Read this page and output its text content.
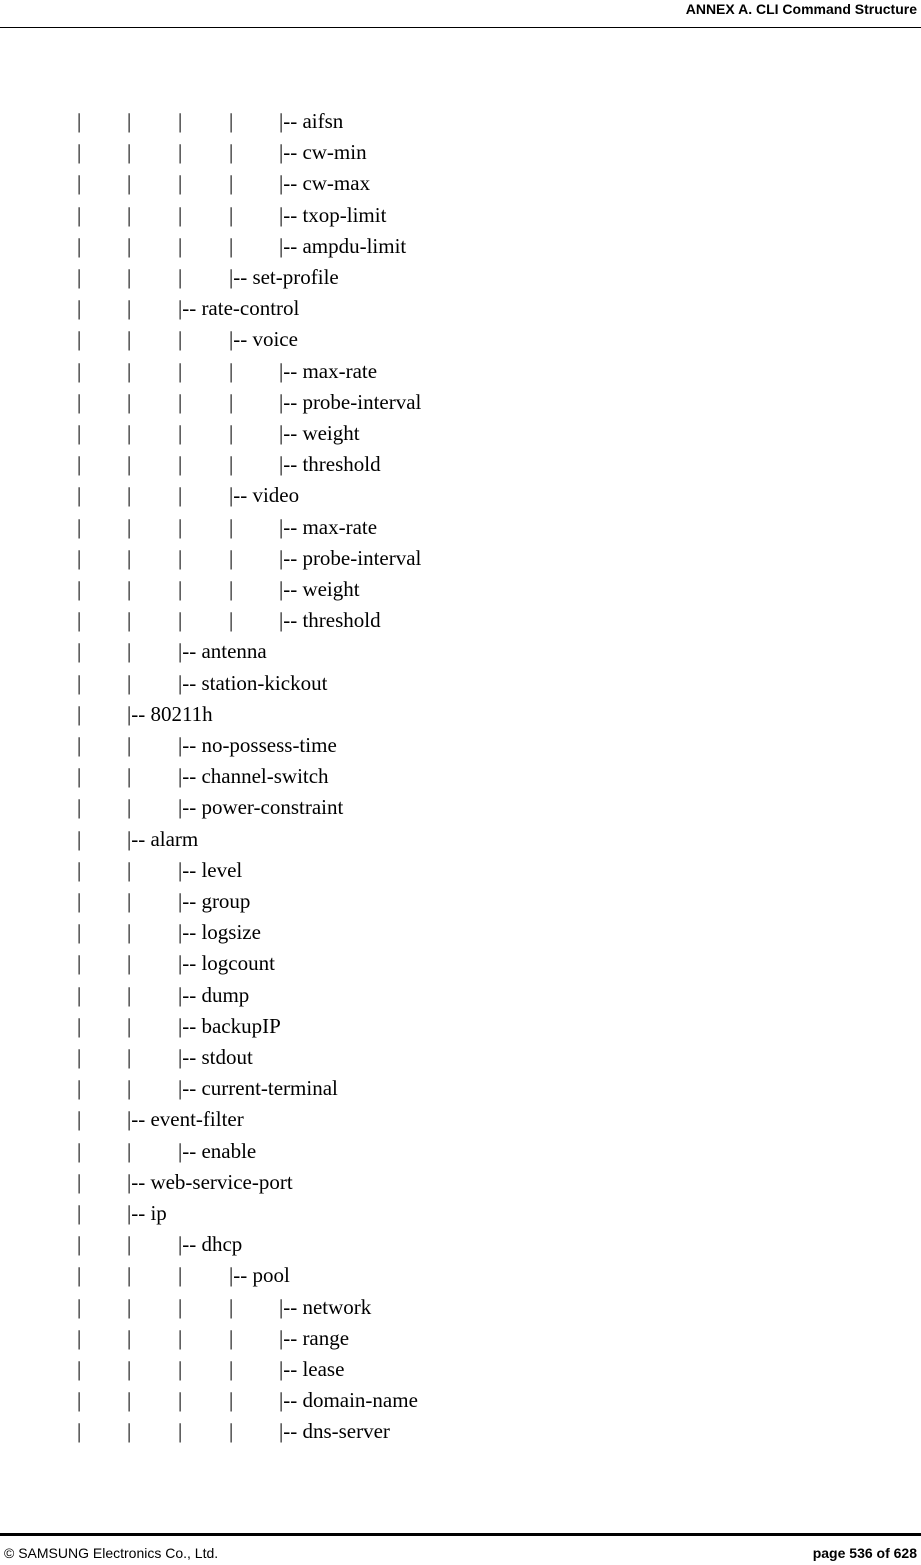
ANNEX A. CLI Command Structure
| | | | |-- aifsn
| | | | |-- cw-min
| | | | |-- cw-max
| | | | |-- txop-limit
| | | | |-- ampdu-limit
| | | |-- set-profile
| | |-- rate-control
| | | |-- voice
| | | | |-- max-rate
| | | | |-- probe-interval
| | | | |-- weight
| | | | |-- threshold
| | | |-- video
| | | | |-- max-rate
| | | | |-- probe-interval
| | | | |-- weight
| | | | |-- threshold
| | |-- antenna
| | |-- station-kickout
| |-- 80211h
| | |-- no-possess-time
| | |-- channel-switch
| | |-- power-constraint
| |-- alarm
| | |-- level
| | |-- group
| | |-- logsize
| | |-- logcount
| | |-- dump
| | |-- backupIP
| | |-- stdout
| | |-- current-terminal
| |-- event-filter
| | |-- enable
| |-- web-service-port
| |-- ip
| | |-- dhcp
| | | |-- pool
| | | | |-- network
| | | | |-- range
| | | | |-- lease
| | | | |-- domain-name
| | | | |-- dns-server
© SAMSUNG Electronics Co., Ltd.	page 536 of 628
